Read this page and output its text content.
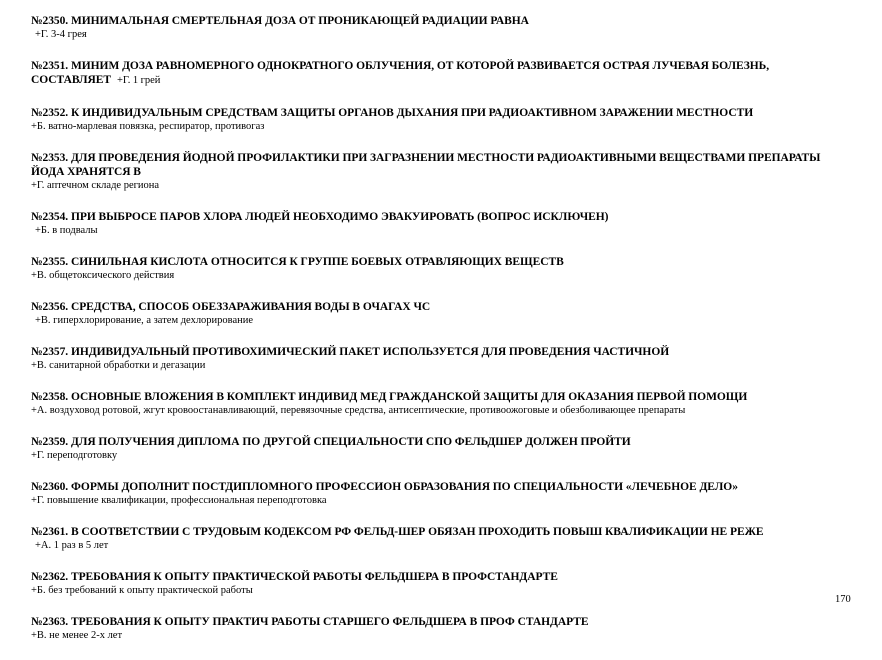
№2350. МИНИМАЛЬНАЯ СМЕРТЕЛЬНАЯ ДОЗА ОТ ПРОНИКАЮЩЕЙ РАДИАЦИИ РАВНА
+Г. 3-4 грея
№2351. МИНИМ ДОЗА РАВНОМЕРНОГО ОДНОКРАТНОГО ОБЛУЧЕНИЯ, ОТ КОТОРОЙ РАЗВИВАЕТСЯ ОСТРАЯ ЛУЧЕВАЯ БОЛЕЗНЬ, СОСТАВЛЯЕТ +Г. 1 грей
№2352. К ИНДИВИДУАЛЬНЫМ СРЕДСТВАМ ЗАЩИТЫ ОРГАНОВ ДЫХАНИЯ ПРИ РАДИОАКТИВНОМ ЗАРАЖЕНИИ МЕСТНОСТИ
+Б. ватно-марлевая повязка, респиратор, противогаз
№2353. ДЛЯ ПРОВЕДЕНИЯ ЙОДНОЙ ПРОФИЛАКТИКИ ПРИ ЗАГРАЗНЕНИИ МЕСТНОСТИ РАДИОАКТИВНЫМИ ВЕЩЕСТВАМИ ПРЕПАРАТЫ ЙОДА ХРАНЯТСЯ В
+Г. аптечном складе региона
№2354. ПРИ ВЫБРОСЕ ПАРОВ ХЛОРА ЛЮДЕЙ НЕОБХОДИМО ЭВАКУИРОВАТЬ (ВОПРОС ИСКЛЮЧЕН)
+Б. в подвалы
№2355. СИНИЛЬНАЯ КИСЛОТА ОТНОСИТСЯ К ГРУППЕ БОЕВЫХ ОТРАВЛЯЮЩИХ ВЕЩЕСТВ
+В. общетоксического действия
№2356. СРЕДСТВА, СПОСОБ ОБЕЗЗАРАЖИВАНИЯ ВОДЫ В ОЧАГАХ ЧС
+В. гиперхлорирование, а затем дехлорирование
№2357. ИНДИВИДУАЛЬНЫЙ ПРОТИВОХИМИЧЕСКИЙ ПАКЕТ ИСПОЛЬЗУЕТСЯ ДЛЯ ПРОВЕДЕНИЯ ЧАСТИЧНОЙ
+В. санитарной обработки и дегазации
№2358. ОСНОВНЫЕ ВЛОЖЕНИЯ В КОМПЛЕКТ ИНДИВИД МЕД ГРАЖДАНСКОЙ ЗАЩИТЫ ДЛЯ ОКАЗАНИЯ ПЕРВОЙ ПОМОЩИ
+А. воздуховод ротовой, жгут кровоостанавливающий, перевязочные средства, антисептические, противоожоговые и обезболивающее препараты
№2359. ДЛЯ ПОЛУЧЕНИЯ ДИПЛОМА ПО ДРУГОЙ СПЕЦИАЛЬНОСТИ СПО ФЕЛЬДШЕР ДОЛЖЕН ПРОЙТИ
+Г. переподготовку
№2360. ФОРМЫ ДОПОЛНИТ ПОСТДИПЛОМНОГО ПРОФЕССИОН ОБРАЗОВАНИЯ ПО СПЕЦИАЛЬНОСТИ «ЛЕЧЕБНОЕ ДЕЛО»
+Г. повышение квалификации, профессиональная переподготовка
№2361. В СООТВЕТСТВИИ С ТРУДОВЫМ КОДЕКСОМ РФ ФЕЛЬД-ШЕР ОБЯЗАН ПРОХОДИТЬ ПОВЫШ КВАЛИФИКАЦИИ НЕ РЕЖЕ
+А. 1 раз в 5 лет
№2362. ТРЕБОВАНИЯ К ОПЫТУ ПРАКТИЧЕСКОЙ РАБОТЫ ФЕЛЬДШЕРА В ПРОФСТАНДАРТЕ
+Б. без требований к опыту практической работы
№2363. ТРЕБОВАНИЯ К ОПЫТУ ПРАКТИЧ РАБОТЫ СТАРШЕГО ФЕЛЬДШЕРА В ПРОФ СТАНДАРТЕ
+В. не менее 2-х лет
170
